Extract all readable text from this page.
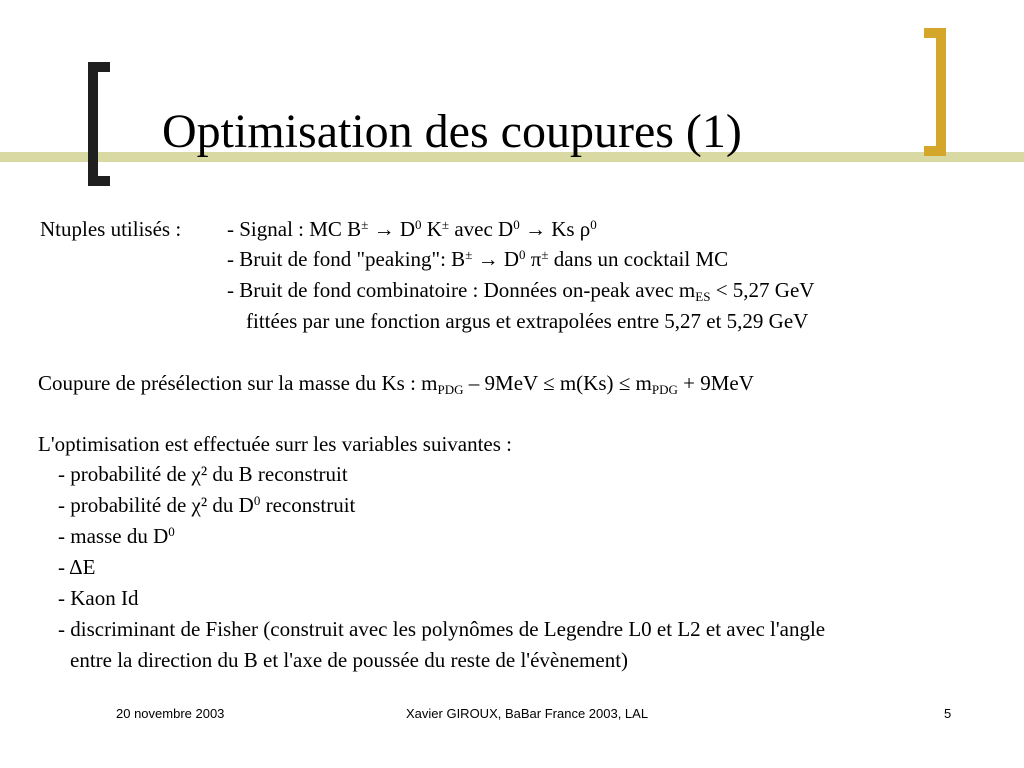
Optimisation des coupures (1)
Ntuples utilisés : - Signal : MC $B^\pm \to D^0$ K± avec $D^0 \to Ks$ $\rho^0$
- Bruit de fond "peaking": $B^\pm \to D^0$ π± dans un cocktail MC
- Bruit de fond combinatoire : Données on-peak avec $m_{ES} < 5,27$ GeV
fittées par une fonction argus et extrapolées entre 5,27 et 5,29 GeV
Coupure de présélection sur la masse du Ks : $m_{PDG} - 9MeV \le m(Ks) \le m_{PDG} + 9MeV$
L'optimisation est effectuée surr les variables suivantes :
- probabilité de χ² du B reconstruit
- probabilité de χ² du $D^0$ reconstruit
- masse du $D^0$
- ΔE
- Kaon Id
- discriminant de Fisher (construit avec les polynômes de Legendre L0 et L2 et avec l'angle
entre la direction du B et l'axe de poussée du reste de l'évènement)
20 novembre 2003	Xavier GIROUX, BaBar France 2003, LAL	5
